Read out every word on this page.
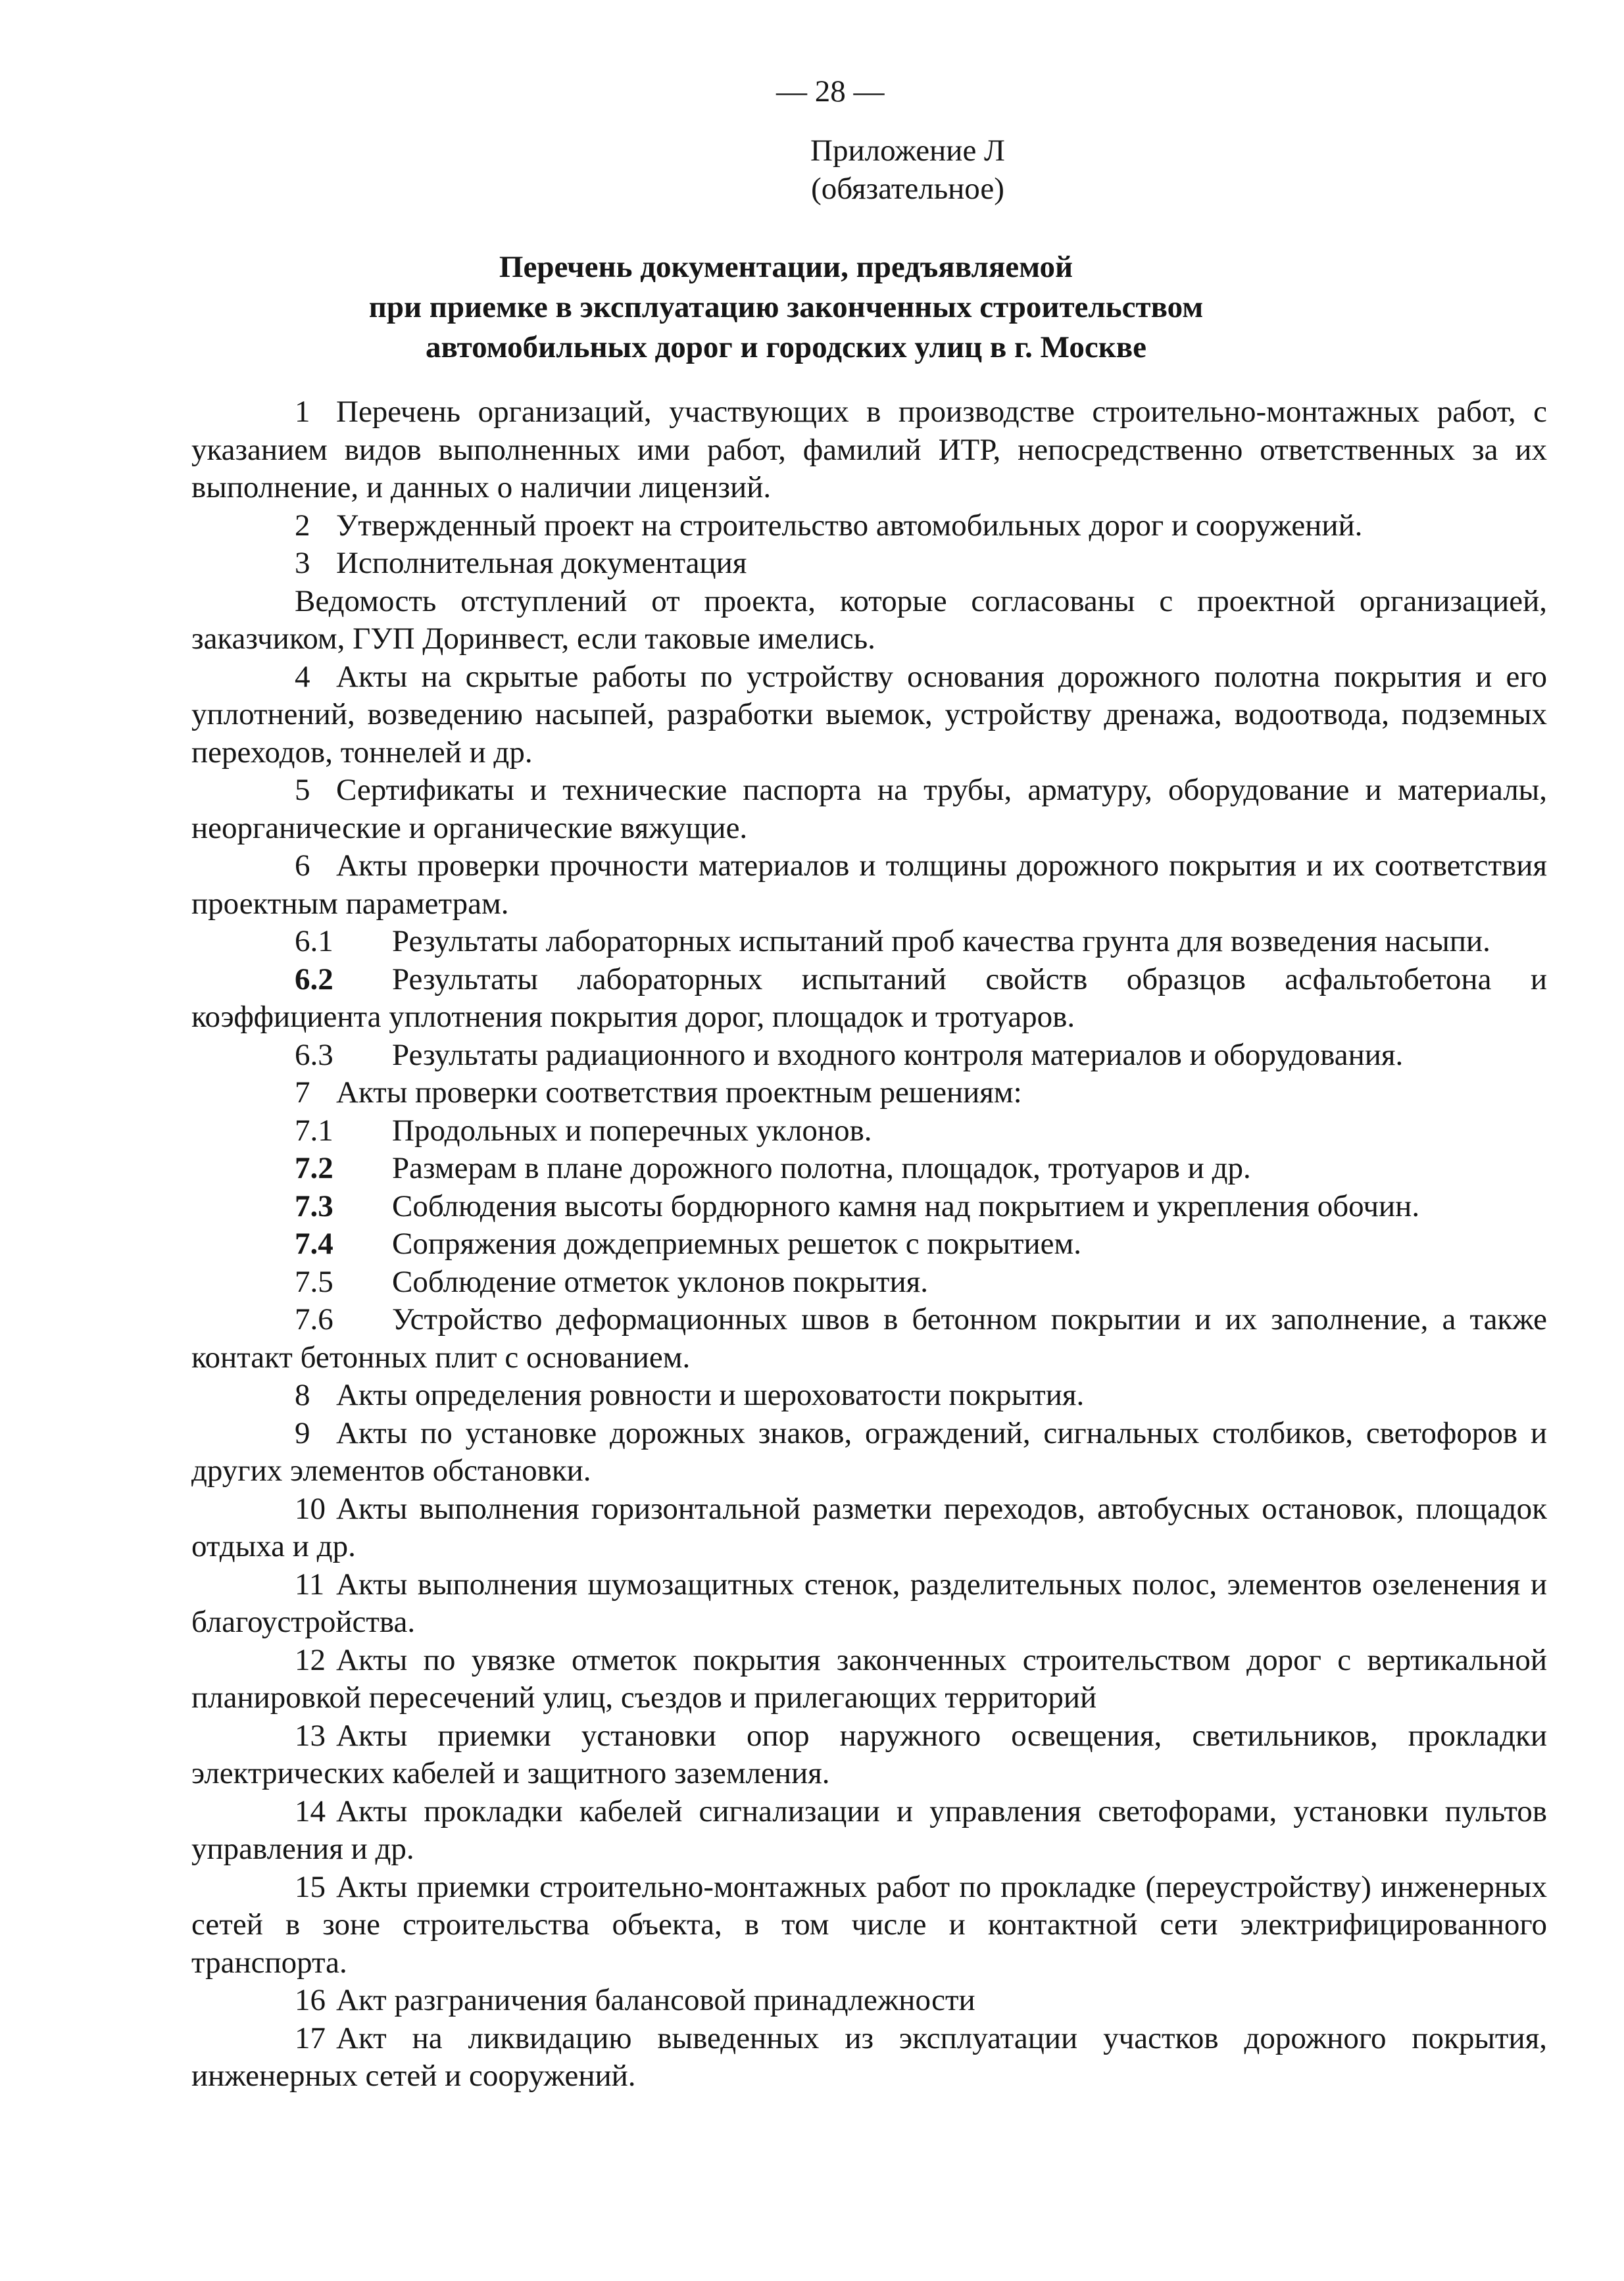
— 28 —
Приложение Л
(обязательное)
Перечень документации, предъявляемой
при приемке в эксплуатацию законченных строительством
автомобильных дорог и городских улиц в г. Москве

1 Перечень организаций, участвующих в производстве строительно-монтажных работ, с указанием видов выполненных ими работ, фамилий ИТР, непосредственно ответственных за их выполнение, и данных о наличии лицензий.

2 Утвержденный проект на строительство автомобильных дорог и сооружений.

3 Исполнительная документация

Ведомость отступлений от проекта, которые согласованы с проектной организацией, заказчиком, ГУП Доринвест, если таковые имелись.

4 Акты на скрытые работы по устройству основания дорожного полотна покрытия и его уплотнений, возведению насыпей, разработки выемок, устройству дренажа, водоотвода, подземных переходов, тоннелей и др.

5 Сертификаты и технические паспорта на трубы, арматуру, оборудование и материалы, неорганические и органические вяжущие.

6 Акты проверки прочности материалов и толщины дорожного покрытия и их соответствия проектным параметрам.

6.1 Результаты лабораторных испытаний проб качества грунта для возведения насыпи.

6.2 Результаты лабораторных испытаний свойств образцов асфальтобетона и коэффициента уплотнения покрытия дорог, площадок и тротуаров.

6.3 Результаты радиационного и входного контроля материалов и оборудования.

7 Акты проверки соответствия проектным решениям:

7.1 Продольных и поперечных уклонов.

7.2 Размерам в плане дорожного полотна, площадок, тротуаров и др.

7.3 Соблюдения высоты бордюрного камня над покрытием и укрепления обочин.

7.4 Сопряжения дождеприемных решеток с покрытием.

7.5 Соблюдение отметок уклонов покрытия.

7.6 Устройство деформационных швов в бетонном покрытии и их заполнение, а также контакт бетонных плит с основанием.

8 Акты определения ровности и шероховатости покрытия.

9 Акты по установке дорожных знаков, ограждений, сигнальных столбиков, светофоров и других элементов обстановки.

10 Акты выполнения горизонтальной разметки переходов, автобусных остановок, площадок отдыха и др.

11 Акты выполнения шумозащитных стенок, разделительных полос, элементов озеленения и благоустройства.

12 Акты по увязке отметок покрытия законченных строительством дорог с вертикальной планировкой пересечений улиц, съездов и прилегающих территорий

13 Акты приемки установки опор наружного освещения, светильников, прокладки электрических кабелей и защитного заземления.

14 Акты прокладки кабелей сигнализации и управления светофорами, установки пультов управления и др.

15 Акты приемки строительно-монтажных работ по прокладке (переустройству) инженерных сетей в зоне строительства объекта, в том числе и контактной сети электрифицированного транспорта.

16 Акт разграничения балансовой принадлежности

17 Акт на ликвидацию выведенных из эксплуатации участков дорожного покрытия, инженерных сетей и сооружений.
